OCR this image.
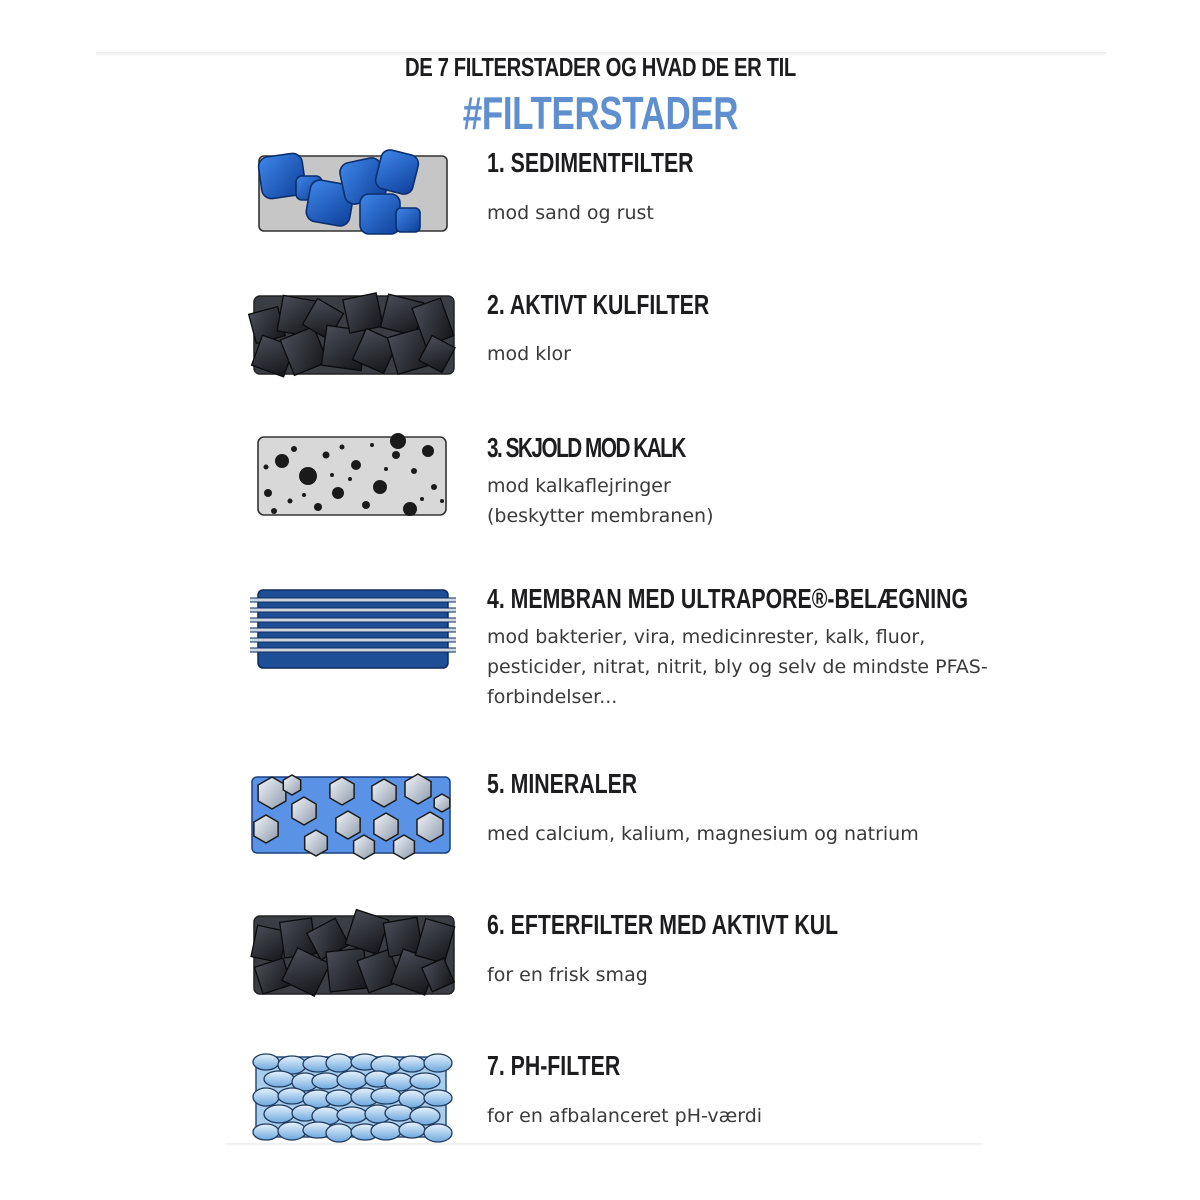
DE 7 FILTERSTADER OG HVAD DE ER TIL
#FILTERSTADER
1. SEDIMENTFILTER
mod sand og rust
2. AKTIVT KULFILTER
mod klor
3. SKJOLD MOD KALK
mod kalkaflejringer
(beskytter membranen)
4. MEMBRAN MED ULTRAPORE®-BELÆGNING
mod bakterier, vira, medicinrester, kalk, fluor,
pesticider, nitrat, nitrit, bly og selv de mindste PFAS-
forbindelser...
5. MINERALER
med calcium, kalium, magnesium og natrium
6. EFTERFILTER MED AKTIVT KUL
for en frisk smag
7. PH-FILTER
for en afbalanceret pH-værdi
